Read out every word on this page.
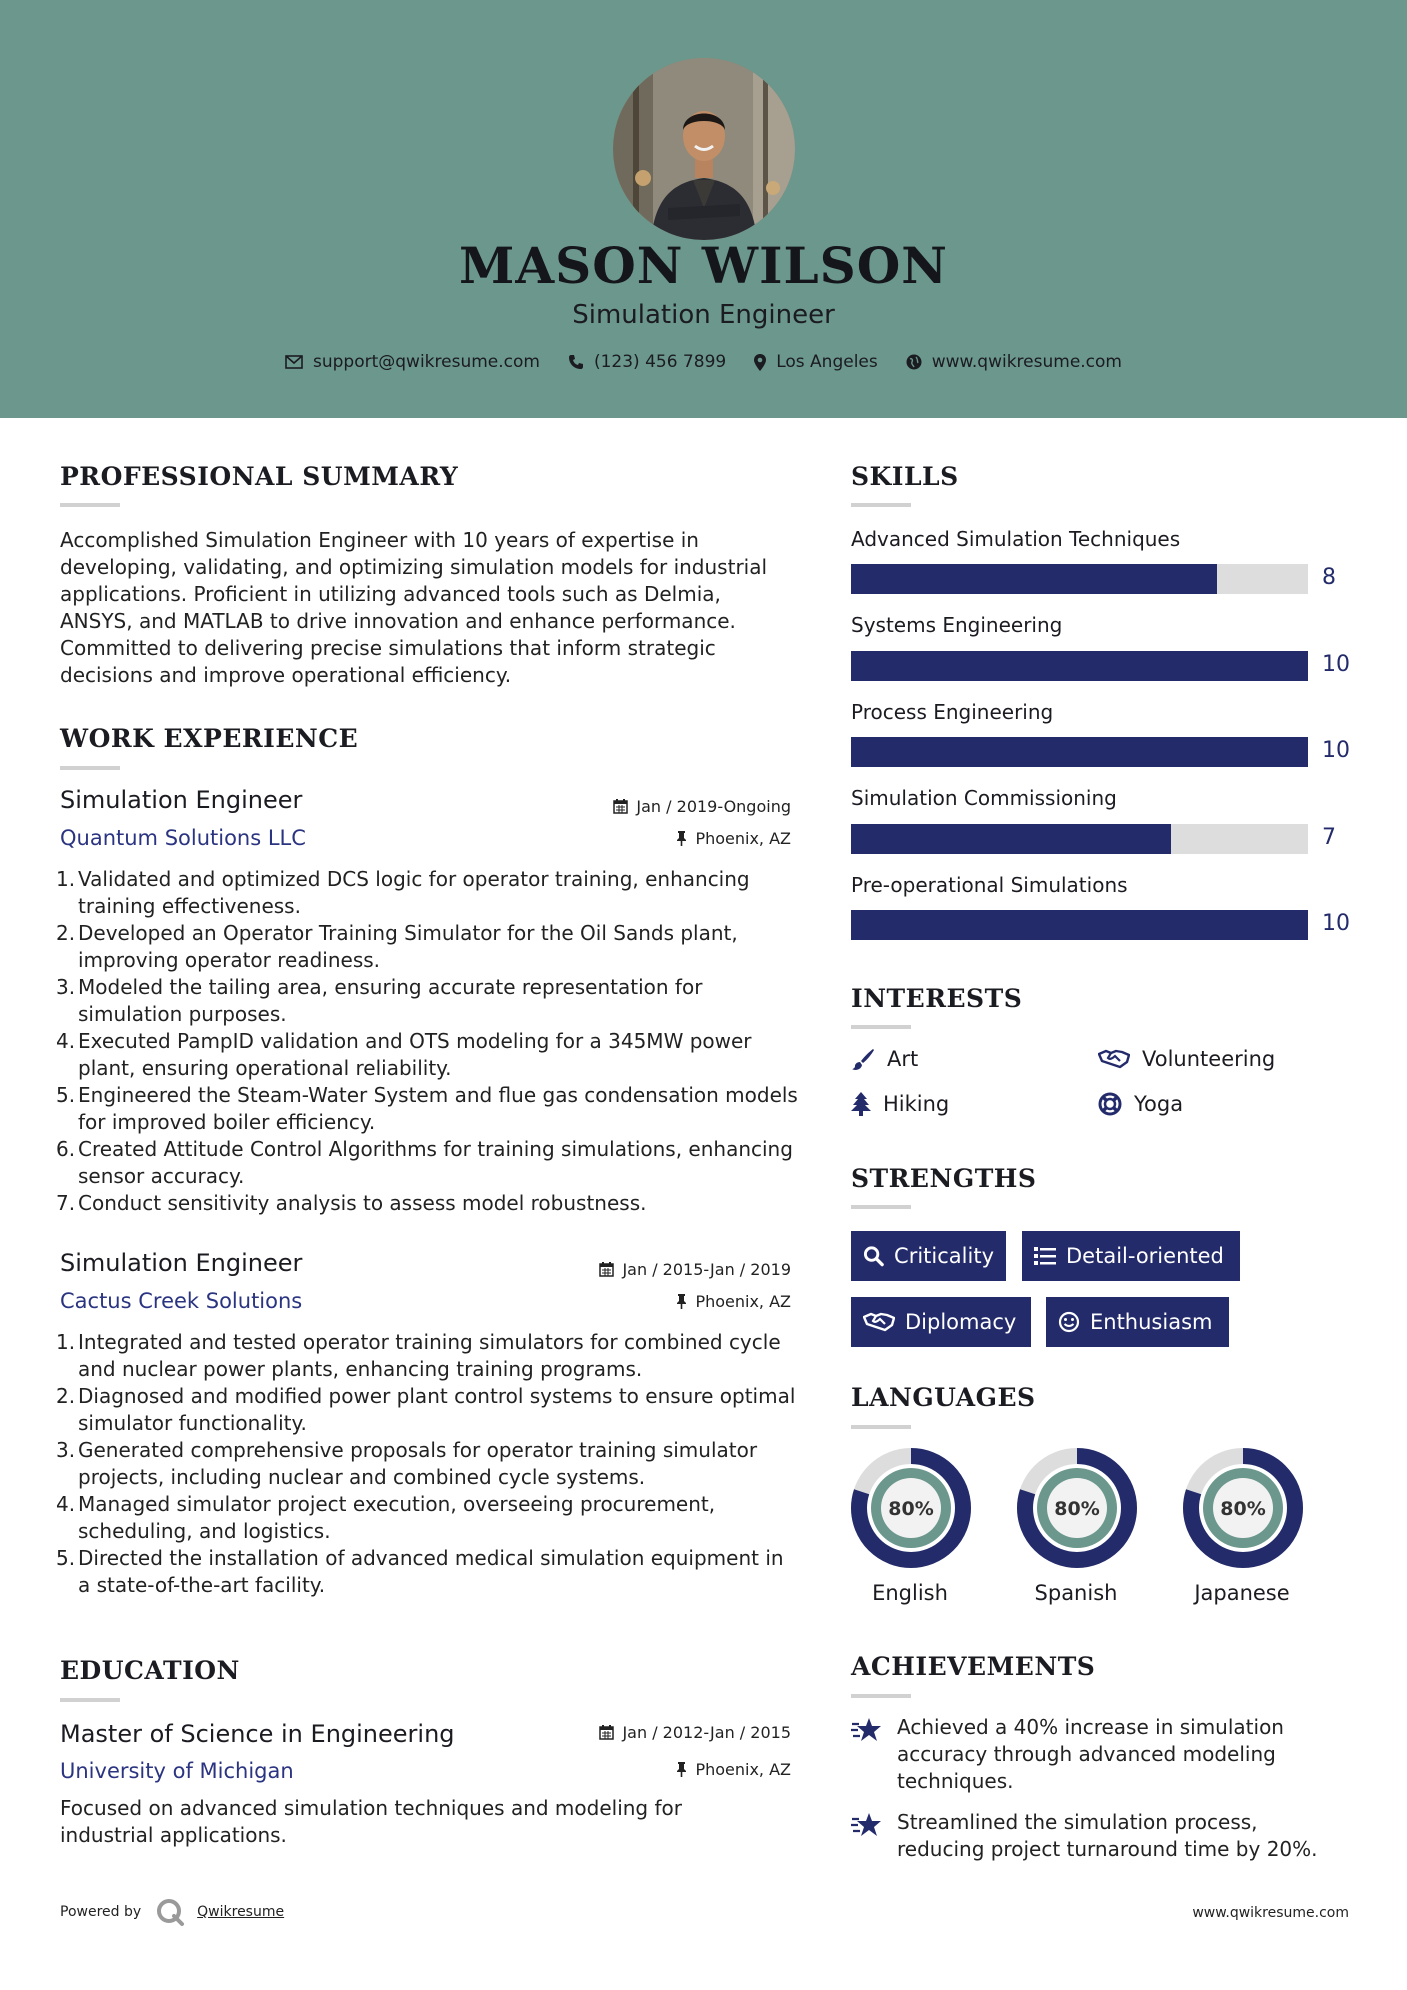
MASON WILSON
Simulation Engineer
support@qwikresume.com	(123) 456 7899	Los Angeles	www.qwikresume.com
PROFESSIONAL SUMMARY
Accomplished Simulation Engineer with 10 years of expertise in developing, validating, and optimizing simulation models for industrial applications. Proficient in utilizing advanced tools such as Delmia, ANSYS, and MATLAB to drive innovation and enhance performance. Committed to delivering precise simulations that inform strategic decisions and improve operational efficiency.
WORK EXPERIENCE
Simulation Engineer	Jan / 2019-Ongoing
Quantum Solutions LLC	Phoenix, AZ
1. Validated and optimized DCS logic for operator training, enhancing training effectiveness.
2. Developed an Operator Training Simulator for the Oil Sands plant, improving operator readiness.
3. Modeled the tailing area, ensuring accurate representation for simulation purposes.
4. Executed PampID validation and OTS modeling for a 345MW power plant, ensuring operational reliability.
5. Engineered the Steam-Water System and flue gas condensation models for improved boiler efficiency.
6. Created Attitude Control Algorithms for training simulations, enhancing sensor accuracy.
7. Conduct sensitivity analysis to assess model robustness.
Simulation Engineer	Jan / 2015-Jan / 2019
Cactus Creek Solutions	Phoenix, AZ
1. Integrated and tested operator training simulators for combined cycle and nuclear power plants, enhancing training programs.
2. Diagnosed and modified power plant control systems to ensure optimal simulator functionality.
3. Generated comprehensive proposals for operator training simulator projects, including nuclear and combined cycle systems.
4. Managed simulator project execution, overseeing procurement, scheduling, and logistics.
5. Directed the installation of advanced medical simulation equipment in a state-of-the-art facility.
EDUCATION
Master of Science in Engineering	Jan / 2012-Jan / 2015
University of Michigan	Phoenix, AZ
Focused on advanced simulation techniques and modeling for industrial applications.
SKILLS
Advanced Simulation Techniques
8
Systems Engineering
10
Process Engineering
10
Simulation Commissioning
7
Pre-operational Simulations
10
INTERESTS
Art	Volunteering
Hiking	Yoga
STRENGTHS
Criticality	Detail-oriented
Diplomacy	Enthusiasm
LANGUAGES
80%
English
80%
Spanish
80%
Japanese
ACHIEVEMENTS
Achieved a 40% increase in simulation accuracy through advanced modeling techniques.
Streamlined the simulation process, reducing project turnaround time by 20%.
Powered by	Qwikresume	www.qwikresume.com
